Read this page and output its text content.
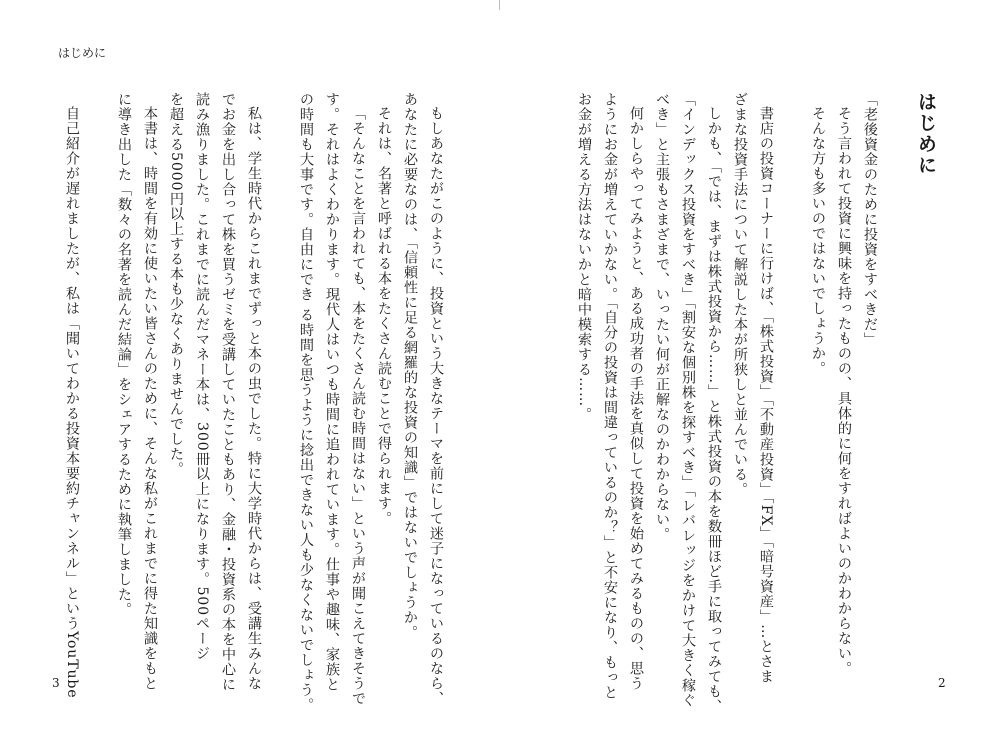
はじめに
はじめに
「老後資金のために投資をすべきだ」
そう言われて投資に興味を持ったものの、具体的に何をすればよいのかわからない。
そんな方も多いのではないでしょうか。
書店の投資コーナーに行けば、「株式投資」「不動産投資」「FX」「暗号資産」…とさま
ざまな投資手法について解説した本が所狭しと並んでいる。
しかも、「では、まずは株式投資から……」と株式投資の本を数冊ほど手に取ってみても、
「インデックス投資をすべき」「割安な個別株を探すべき」「レバレッジをかけて大きく稼ぐ
べき」と主張もさまざまで、いったい何が正解なのかわからない。
何かしらやってみようと、ある成功者の手法を真似して投資を始めてみるものの、思う
ようにお金が増えていかない。「自分の投資は間違っているのか？」と不安になり、もっと
お金が増える方法はないかと暗中模索する……。
もしあなたがこのように、投資という大きなテーマを前にして迷子になっているのなら、
あなたに必要なのは、「信頼性に足る網羅的な投資の知識」ではないでしょうか。
それは、名著と呼ばれる本をたくさん読むことで得られます。
「そんなことを言われても、本をたくさん読む時間はない」という声が聞こえてきそうで
す。それはよくわかります。現代人はいつも時間に追われています。仕事や趣味、家族と
の時間も大事です。自由にでき る時間を思うように捻出できない人も少なくないでしょう。
私は、学生時代からこれまでずっと本の虫でした。特に大学時代からは、受講生みんな
でお金を出し合って株を買うゼミを受講していたこともあり、金融・投資系の本を中心に
読み漁りました。これまでに読んだマネー本は、300冊以上になります。500ページ
を超える5000円以上する本も少なくありませんでした。
本書は、時間を有効に使いたい皆さんのために、そんな私がこれまでに得た知識をもと
に導き出した「数々の名著を読んだ結論」をシェアするために執筆しました。
自己紹介が遅れましたが、私は「聞いてわかる投資本要約チャンネル」というYouTube
3	2
